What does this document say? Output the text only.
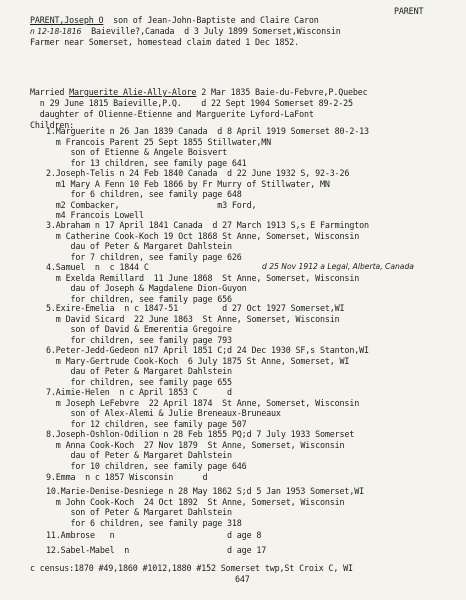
PARENT
PARENT,Joseph O  son of Jean-John-Baptiste and Claire Caron
n 12-18-1816  Baieville?,Canada  d 3 July 1899 Somerset,Wisconsin
Farmer near Somerset, homestead claim dated 1 Dec 1852.
Married Marguerite Alie-Ally-Alore 2 Mar 1835 Baie-du-Febvre,P.Quebec
n 29 June 1815 Baieville,P.Q.    d 22 Sept 1904 Somerset 89-2-25
daughter of Olienne-Etienne and Marguerite Lyford-LaFont
Children:
1.Marguerite n 26 Jan 1839 Canada  d 8 April 1919 Somerset 80-2-13
m Francois Parent 25 Sept 1855 Stillwater,MN
son of Etienne & Angele Boisvert
for 13 children, see family page 641
2.Joseph-Telis n 24 Feb 1840 Canada  d 22 June 1932 S, 92-3-26
m1 Mary A Fenn 10 Feb 1866 by Fr Murry of Stillwater, MN
for 6 children, see family page 648
m2 Combacker,                    m3 Ford,
m4 Francois Lowell
3.Abraham n 17 April 1841 Canada  d 27 March 1913 S,s E Farmington
m Catherine Cook-Koch 19 Oct 1868 St Anne, Somerset, Wisconsin
dau of Peter & Margaret Dahlstein
for 7 children, see family page 626
4.Samuel  n  c 1844 C
m Exelda Remillard  11 June 1868  St Anne, Somerset, Wisconsin
dau of Joseph & Magdalene Dion-Guyon
for children, see family page 656
d 25 Nov 1912 a Legal, Alberta, Canada
5.Exire-Emelia  n c 1847-51         d 27 Oct 1927 Somerset,WI
m David Sicard  22 June 1863  St Anne, Somerset, Wisconsin
son of David & Emerentia Gregoire
for children, see family page 793
6.Peter-Jedd-Gedeon n17 April 1851 C;d 24 Dec 1930 SF,s Stanton,WI
m Mary-Gertrude Cook-Koch  6 July 1875 St Anne, Somerset, WI
dau of Peter & Margaret Dahlstein
for children, see family page 655
7.Aimie-Helen  n c April 1853 C      d
m Joseph LeFebvre  22 April 1874  St Anne, Somerset, Wisconsin
son of Alex-Alemi & Julie Breneaux-Bruneaux
for 12 children, see family page 507
8.Joseph-Oshlon-Odilion n 28 Feb 1855 PQ;d 7 July 1933 Somerset
m Anna Cook-Koch  27 Nov 1879  St Anne, Somerset, Wisconsin
dau of Peter & Margaret Dahlstein
for 10 children, see family page 646
9.Emma  n c 1857 Wisconsin      d
10.Marie-Denise-Desniege n 28 May 1862 S;d 5 Jan 1953 Somerset,WI
m John Cook-Koch  24 Oct 1892  St Anne, Somerset, Wisconsin
son of Peter & Margaret Dahlstein
for 6 children, see family page 318
11.Ambrose   n                       d age 8
12.Sabel-Mabel  n                    d age 17
c census:1870 #49,1860 #1012,1880 #152 Somerset twp,St Croix C, WI
647
